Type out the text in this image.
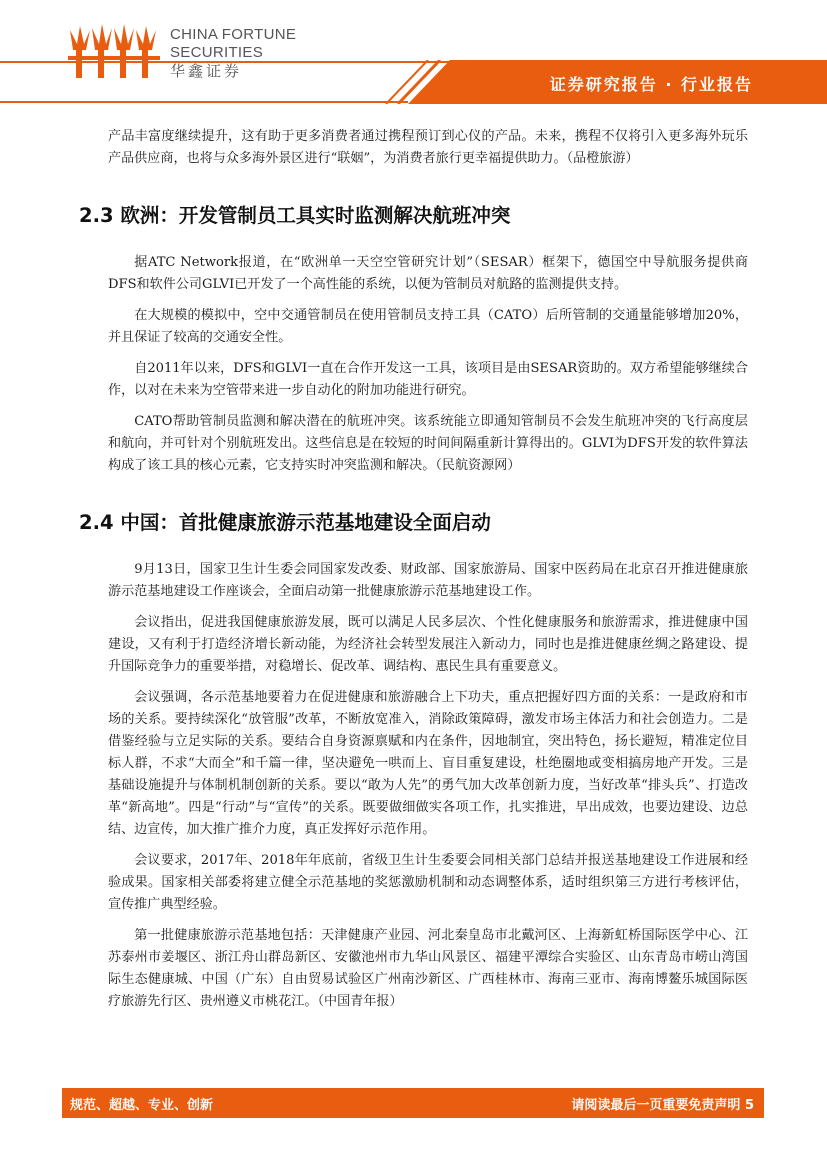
CHINA FORTUNE
SECURITIES
华鑫证券
证券研究报告 · 行业报告

产品丰富度继续提升，这有助于更多消费者通过携程预订到心仪的产品。未来，携程不仅将引入更多海外玩乐产品供应商，也将与众多海外景区进行“联姻”，为消费者旅行更幸福提供助力。（品橙旅游）

2.3 欧洲：开发管制员工具实时监测解决航班冲突

据ATC Network报道，在“欧洲单一天空空管研究计划”（SESAR）框架下，德国空中导航服务提供商DFS和软件公司GLVI已开发了一个高性能的系统，以便为管制员对航路的监测提供支持。

在大规模的模拟中，空中交通管制员在使用管制员支持工具（CATO）后所管制的交通量能够增加20%，并且保证了较高的交通安全性。

自2011年以来，DFS和GLVI一直在合作开发这一工具，该项目是由SESAR资助的。双方希望能够继续合作，以对在未来为空管带来进一步自动化的附加功能进行研究。

CATO帮助管制员监测和解决潜在的航班冲突。该系统能立即通知管制员不会发生航班冲突的飞行高度层和航向，并可针对个别航班发出。这些信息是在较短的时间间隔重新计算得出的。GLVI为DFS开发的软件算法构成了该工具的核心元素，它支持实时冲突监测和解决。（民航资源网）

2.4 中国：首批健康旅游示范基地建设全面启动

9月13日，国家卫生计生委会同国家发改委、财政部、国家旅游局、国家中医药局在北京召开推进健康旅游示范基地建设工作座谈会，全面启动第一批健康旅游示范基地建设工作。

会议指出，促进我国健康旅游发展，既可以满足人民多层次、个性化健康服务和旅游需求，推进健康中国建设，又有利于打造经济增长新动能，为经济社会转型发展注入新动力，同时也是推进健康丝绸之路建设、提升国际竞争力的重要举措，对稳增长、促改革、调结构、惠民生具有重要意义。

会议强调，各示范基地要着力在促进健康和旅游融合上下功夫，重点把握好四方面的关系：一是政府和市场的关系。要持续深化“放管服”改革，不断放宽准入，消除政策障碍，激发市场主体活力和社会创造力。二是借鉴经验与立足实际的关系。要结合自身资源禀赋和内在条件，因地制宜，突出特色，扬长避短，精准定位目标人群，不求“大而全”和千篇一律，坚决避免一哄而上、盲目重复建设，杜绝圈地或变相搞房地产开发。三是基础设施提升与体制机制创新的关系。要以“敢为人先”的勇气加大改革创新力度，当好改革“排头兵”、打造改革“新高地”。四是“行动”与“宣传”的关系。既要做细做实各项工作，扎实推进，早出成效，也要边建设、边总结、边宣传，加大推广推介力度，真正发挥好示范作用。

会议要求，2017年、2018年年底前，省级卫生计生委要会同相关部门总结并报送基地建设工作进展和经验成果。国家相关部委将建立健全示范基地的奖惩激励机制和动态调整体系，适时组织第三方进行考核评估，宣传推广典型经验。

第一批健康旅游示范基地包括：天津健康产业园、河北秦皇岛市北戴河区、上海新虹桥国际医学中心、江苏泰州市姜堰区、浙江舟山群岛新区、安徽池州市九华山风景区、福建平潭综合实验区、山东青岛市崂山湾国际生态健康城、中国（广东）自由贸易试验区广州南沙新区、广西桂林市、海南三亚市、海南博鳌乐城国际医疗旅游先行区、贵州遵义市桃花江。（中国青年报）

规范、超越、专业、创新	请阅读最后一页重要免责声明 5
